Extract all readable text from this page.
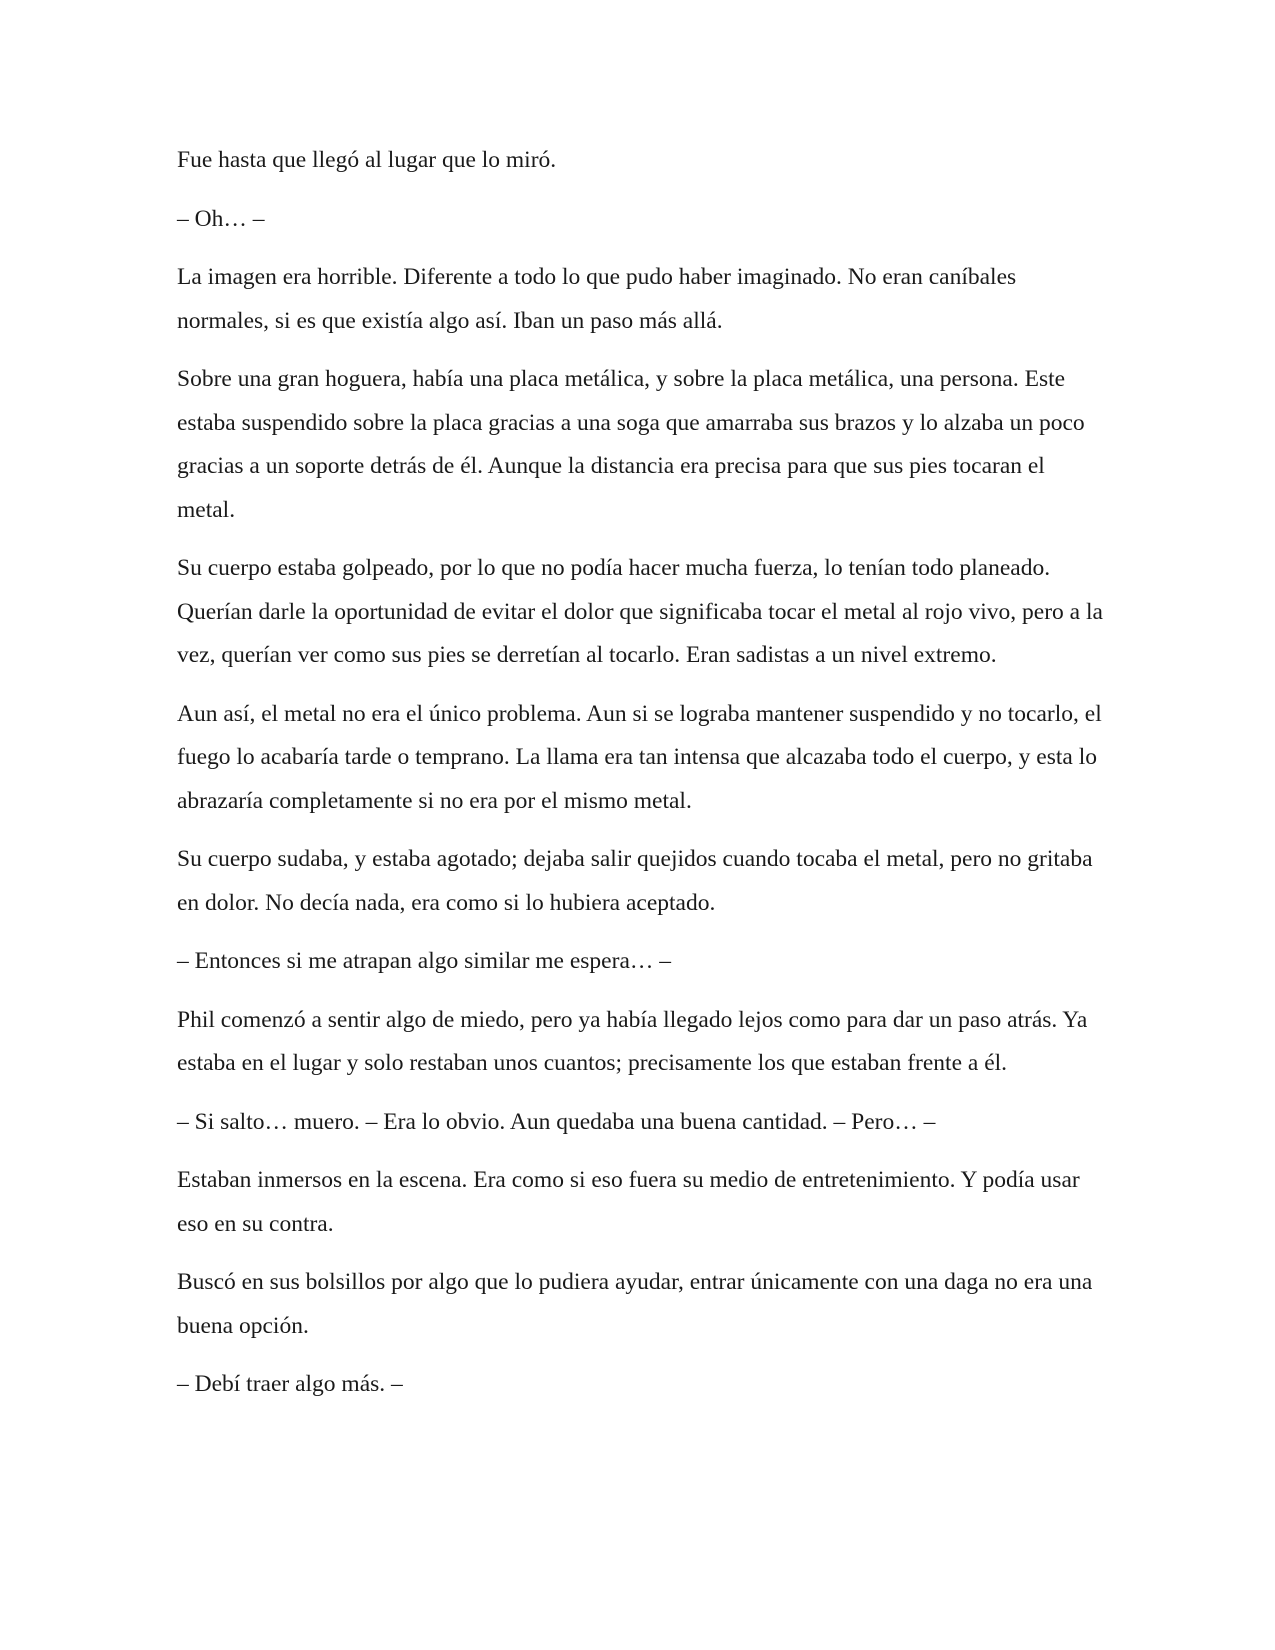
Fue hasta que llegó al lugar que lo miró.

– Oh… –

La imagen era horrible. Diferente a todo lo que pudo haber imaginado. No eran caníbales normales, si es que existía algo así. Iban un paso más allá.

Sobre una gran hoguera, había una placa metálica, y sobre la placa metálica, una persona. Este estaba suspendido sobre la placa gracias a una soga que amarraba sus brazos y lo alzaba un poco gracias a un soporte detrás de él. Aunque la distancia era precisa para que sus pies tocaran el metal.

Su cuerpo estaba golpeado, por lo que no podía hacer mucha fuerza, lo tenían todo planeado. Querían darle la oportunidad de evitar el dolor que significaba tocar el metal al rojo vivo, pero a la vez, querían ver como sus pies se derretían al tocarlo. Eran sadistas a un nivel extremo.

Aun así, el metal no era el único problema. Aun si se lograba mantener suspendido y no tocarlo, el fuego lo acabaría tarde o temprano. La llama era tan intensa que alcazaba todo el cuerpo, y esta lo abrazaría completamente si no era por el mismo metal.

Su cuerpo sudaba, y estaba agotado; dejaba salir quejidos cuando tocaba el metal, pero no gritaba en dolor. No decía nada, era como si lo hubiera aceptado.

– Entonces si me atrapan algo similar me espera… –

Phil comenzó a sentir algo de miedo, pero ya había llegado lejos como para dar un paso atrás. Ya estaba en el lugar y solo restaban unos cuantos; precisamente los que estaban frente a él.

– Si salto… muero. – Era lo obvio. Aun quedaba una buena cantidad. – Pero… –

Estaban inmersos en la escena. Era como si eso fuera su medio de entretenimiento. Y podía usar eso en su contra.

Buscó en sus bolsillos por algo que lo pudiera ayudar, entrar únicamente con una daga no era una buena opción.

– Debí traer algo más. –
